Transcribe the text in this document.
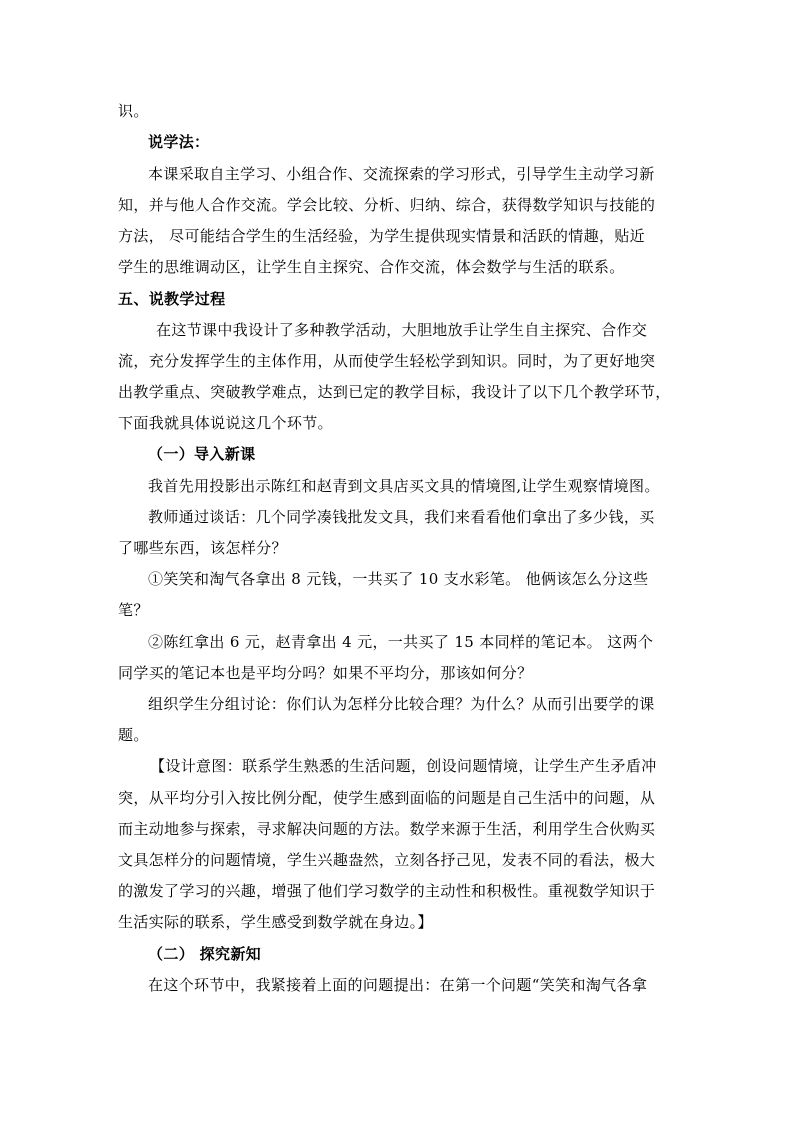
识。
说学法：
本课采取自主学习、小组合作、交流探索的学习形式，引导学生主动学习新
知，并与他人合作交流。学会比较、分析、归纳、综合，获得数学知识与技能的
方法， 尽可能结合学生的生活经验，为学生提供现实情景和活跃的情趣，贴近
学生的思维调动区，让学生自主探究、合作交流，体会数学与生活的联系。
五、说教学过程
在这节课中我设计了多种教学活动，大胆地放手让学生自主探究、合作交
流，充分发挥学生的主体作用，从而使学生轻松学到知识。同时，为了更好地突
出教学重点、突破教学难点，达到已定的教学目标，我设计了以下几个教学环节，
下面我就具体说说这几个环节。
（一）导入新课
我首先用投影出示陈红和赵青到文具店买文具的情境图,让学生观察情境图。
教师通过谈话：几个同学凑钱批发文具，我们来看看他们拿出了多少钱，买
了哪些东西，该怎样分？
①笑笑和淘气各拿出 8 元钱，一共买了 10 支水彩笔。 他俩该怎么分这些
笔？
②陈红拿出 6 元，赵青拿出 4 元，一共买了 15 本同样的笔记本。 这两个
同学买的笔记本也是平均分吗？如果不平均分，那该如何分？
组织学生分组讨论：你们认为怎样分比较合理？为什么？从而引出要学的课
题。
【设计意图：联系学生熟悉的生活问题，创设问题情境，让学生产生矛盾冲
突，从平均分引入按比例分配，使学生感到面临的问题是自己生活中的问题，从
而主动地参与探索，寻求解决问题的方法。数学来源于生活，利用学生合伙购买
文具怎样分的问题情境，学生兴趣盎然，立刻各抒己见，发表不同的看法，极大
的激发了学习的兴趣，增强了他们学习数学的主动性和积极性。重视数学知识于
生活实际的联系，学生感受到数学就在身边。】
（二） 探究新知
在这个环节中，我紧接着上面的问题提出：在第一个问题“笑笑和淘气各拿
